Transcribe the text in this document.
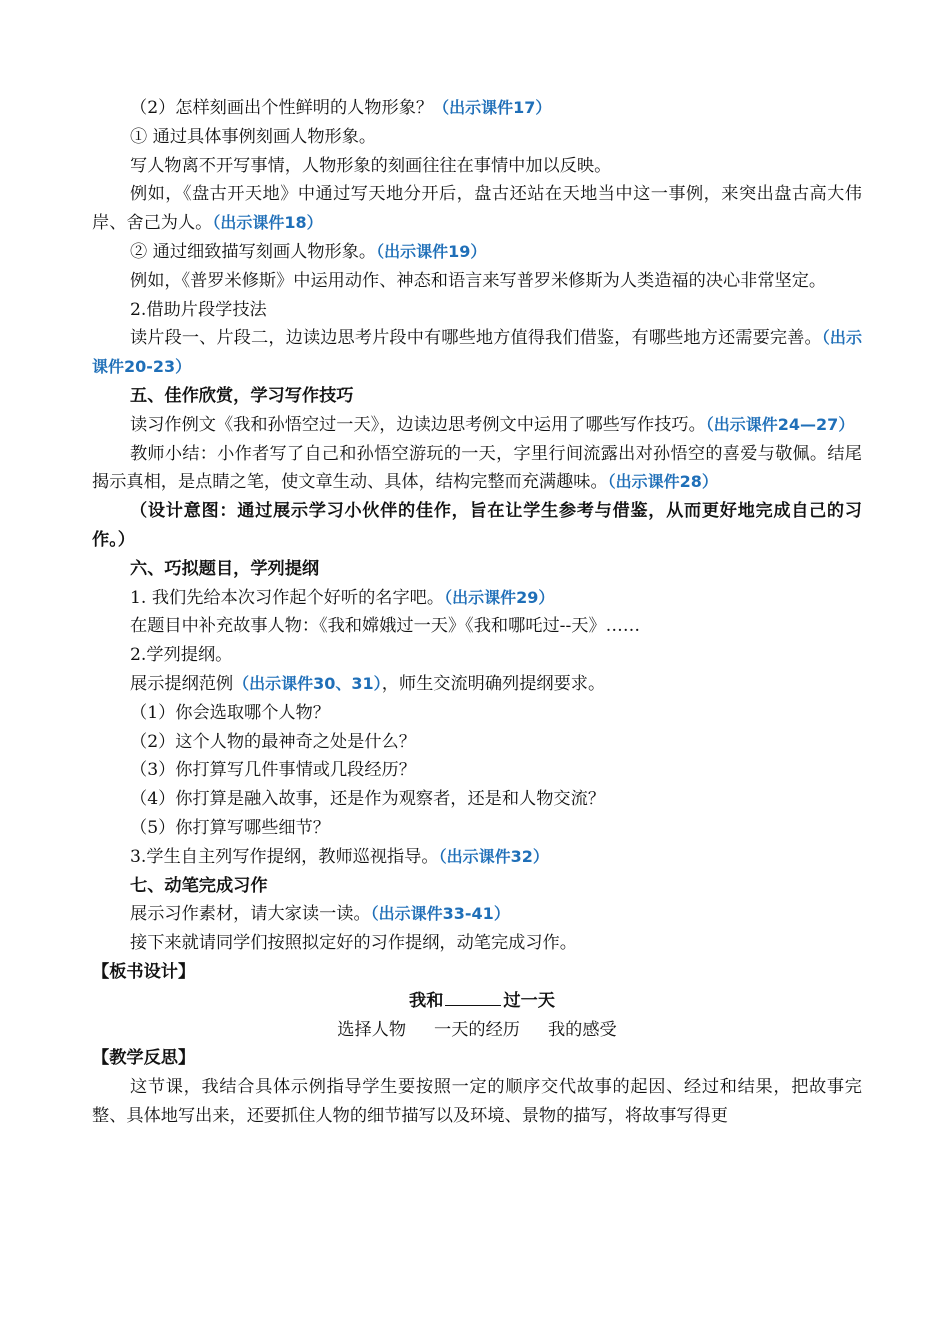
（2）怎样刻画出个性鲜明的人物形象？（出示课件17）
① 通过具体事例刻画人物形象。
写人物离不开写事情，人物形象的刻画往往在事情中加以反映。
例如，《盘古开天地》中通过写天地分开后，盘古还站在天地当中这一事例，来突出盘古高大伟岸、舍己为人。（出示课件18）
② 通过细致描写刻画人物形象。（出示课件19）
例如，《普罗米修斯》中运用动作、神态和语言来写普罗米修斯为人类造福的决心非常坚定。
2.借助片段学技法
读片段一、片段二，边读边思考片段中有哪些地方值得我们借鉴，有哪些地方还需要完善。（出示课件20-23）
五、佳作欣赏，学习写作技巧
读习作例文《我和孙悟空过一天》，边读边思考例文中运用了哪些写作技巧。（出示课件24—27）
教师小结：小作者写了自己和孙悟空游玩的一天，字里行间流露出对孙悟空的喜爱与敬佩。结尾揭示真相，是点睛之笔，使文章生动、具体，结构完整而充满趣味。（出示课件28）
（设计意图：通过展示学习小伙伴的佳作，旨在让学生参考与借鉴，从而更好地完成自己的习作。）
六、巧拟题目，学列提纲
1. 我们先给本次习作起个好听的名字吧。（出示课件29）
在题目中补充故事人物：《我和嫦娥过一天》《我和哪吒过--天》……
2.学列提纲。
展示提纲范例（出示课件30、31），师生交流明确列提纲要求。
（1）你会选取哪个人物？
（2）这个人物的最神奇之处是什么？
（3）你打算写几件事情或几段经历？
（4）你打算是融入故事，还是作为观察者，还是和人物交流？
（5）你打算写哪些细节？
3.学生自主列写作提纲，教师巡视指导。（出示课件32）
七、动笔完成习作
展示习作素材，请大家读一读。（出示课件33-41）
接下来就请同学们按照拟定好的习作提纲，动笔完成习作。
【板书设计】
我和	过一天
选择人物 一天的经历 我的感受
【教学反思】
这节课，我结合具体示例指导学生要按照一定的顺序交代故事的起因、经过和结果，把故事完整、具体地写出来，还要抓住人物的细节描写以及环境、景物的描写，将故事写得更
